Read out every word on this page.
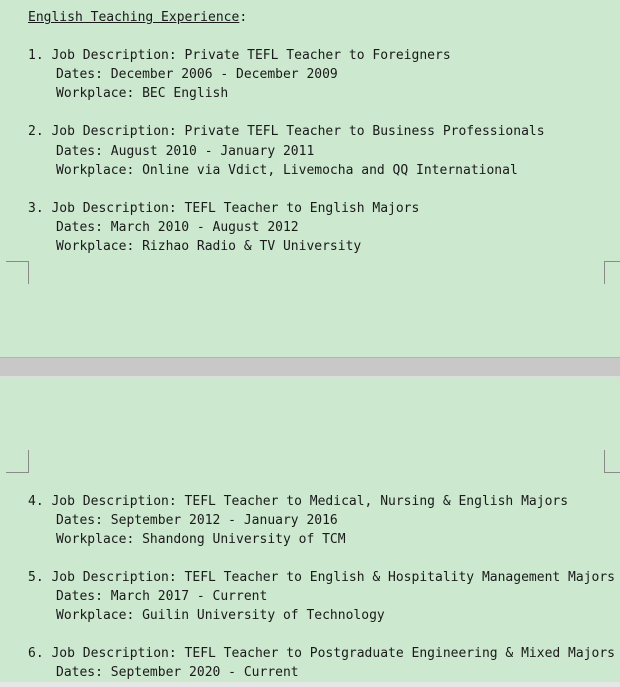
English Teaching Experience:
1. Job Description: Private TEFL Teacher to Foreigners
Dates: December 2006 - December 2009
Workplace: BEC English
2. Job Description: Private TEFL Teacher to Business Professionals
Dates: August 2010 - January 2011
Workplace: Online via Vdict, Livemocha and QQ International
3. Job Description: TEFL Teacher to English Majors
Dates: March 2010 - August 2012
Workplace: Rizhao Radio & TV University
4. Job Description: TEFL Teacher to Medical, Nursing & English Majors
Dates: September 2012 - January 2016
Workplace: Shandong University of TCM
5. Job Description: TEFL Teacher to English & Hospitality Management Majors
Dates: March 2017 - Current
Workplace: Guilin University of Technology
6. Job Description: TEFL Teacher to Postgraduate Engineering & Mixed Majors
Dates: September 2020 - Current
